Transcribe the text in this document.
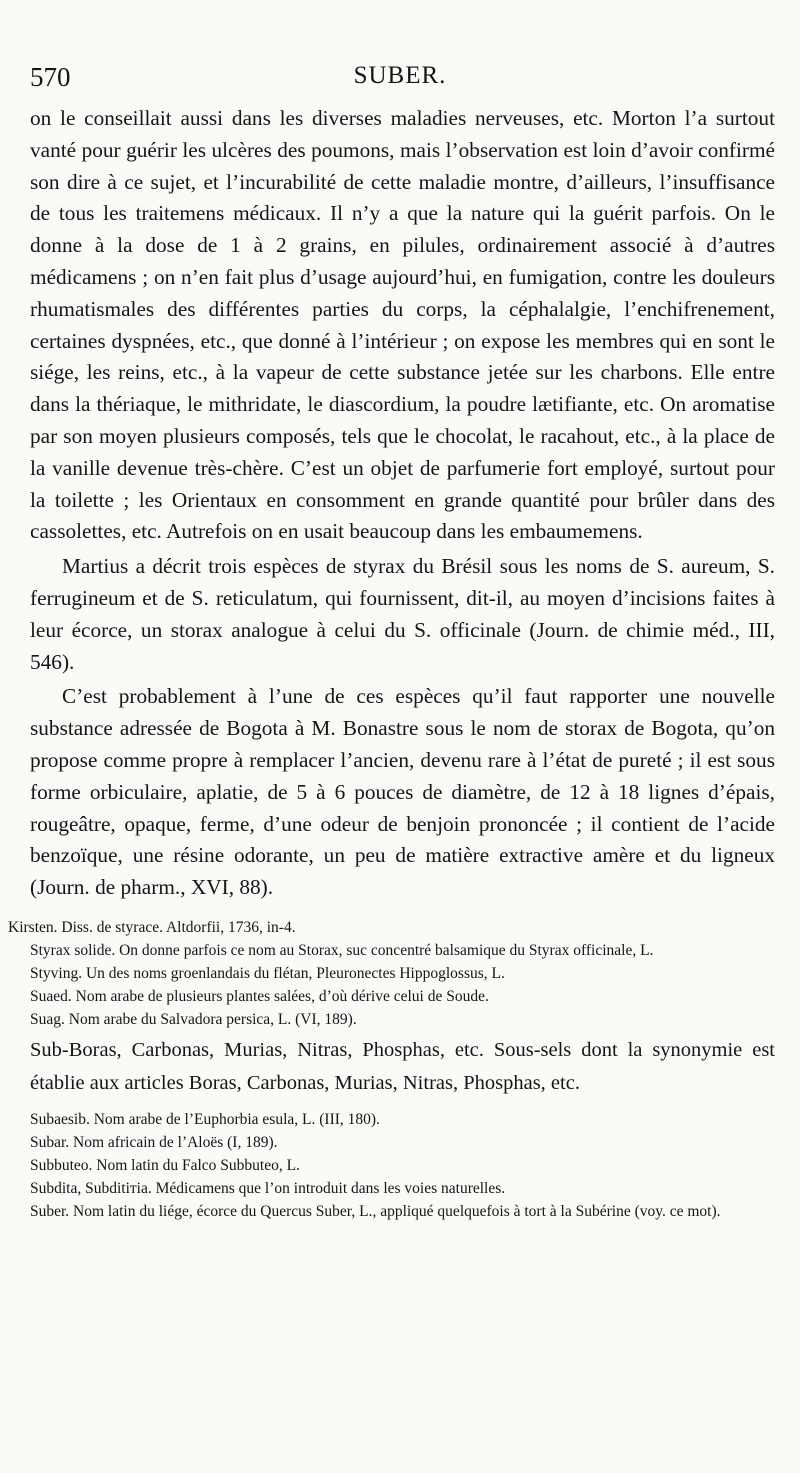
570	SUBER.

on le conseillait aussi dans les diverses maladies nerveuses, etc. Morton l’a surtout vanté pour guérir les ulcères des poumons, mais l’observation est loin d’avoir confirmé son dire à ce sujet, et l’incurabilité de cette maladie montre, d’ailleurs, l’insuffisance de tous les traitemens médicaux. Il n’y a que la nature qui la guérit parfois. On le donne à la dose de 1 à 2 grains, en pilules, ordinairement associé à d’autres médicamens ; on n’en fait plus d’usage aujourd’hui, en fumigation, contre les douleurs rhumatismales des différentes parties du corps, la céphalalgie, l’enchifrenement, certaines dyspnées, etc., que donné à l’intérieur ; on expose les membres qui en sont le siége, les reins, etc., à la vapeur de cette substance jetée sur les charbons. Elle entre dans la thériaque, le mithridate, le diascordium, la poudre lætifiante, etc. On aromatise par son moyen plusieurs composés, tels que le chocolat, le racahout, etc., à la place de la vanille devenue très-chère. C’est un objet de parfumerie fort employé, surtout pour la toilette ; les Orientaux en consomment en grande quantité pour brûler dans des cassolettes, etc. Autrefois on en usait beaucoup dans les embaumemens.

Martius a décrit trois espèces de styrax du Brésil sous les noms de S. aureum, S. ferrugineum et de S. reticulatum, qui fournissent, dit-il, au moyen d’incisions faites à leur écorce, un storax analogue à celui du S. officinale (Journ. de chimie méd., III, 546).

C’est probablement à l’une de ces espèces qu’il faut rapporter une nouvelle substance adressée de Bogota à M. Bonastre sous le nom de storax de Bogota, qu’on propose comme propre à remplacer l’ancien, devenu rare à l’état de pureté ; il est sous forme orbiculaire, aplatie, de 5 à 6 pouces de diamètre, de 12 à 18 lignes d’épais, rougeâtre, opaque, ferme, d’une odeur de benjoin prononcée ; il contient de l’acide benzoïque, une résine odorante, un peu de matière extractive amère et du ligneux (Journ. de pharm., XVI, 88).

Kirsten. Diss. de styrace. Altdorfii, 1736, in-4.

Styrax solide. On donne parfois ce nom au Storax, suc concentré balsamique du Styrax officinale, L.

Styving. Un des noms groenlandais du flétan, Pleuronectes Hippoglossus, L.

Suaed. Nom arabe de plusieurs plantes salées, d’où dérive celui de Soude.

Suag. Nom arabe du Salvadora persica, L. (VI, 189).

Sub-Boras, Carbonas, Murias, Nitras, Phosphas, etc. Sous-sels dont la synonymie est établie aux articles Boras, Carbonas, Murias, Nitras, Phosphas, etc.

Subaesib. Nom arabe de l’Euphorbia esula, L. (III, 180).

Subar. Nom africain de l’Aloës (I, 189).

Subbuteo. Nom latin du Falco Subbuteo, L.

Subdita, Subditiтia. Médicamens que l’on introduit dans les voies naturelles.

Suber. Nom latin du liége, écorce du Quercus Suber, L., appliqué quelquefois à tort à la Subérine (voy. ce mot).
